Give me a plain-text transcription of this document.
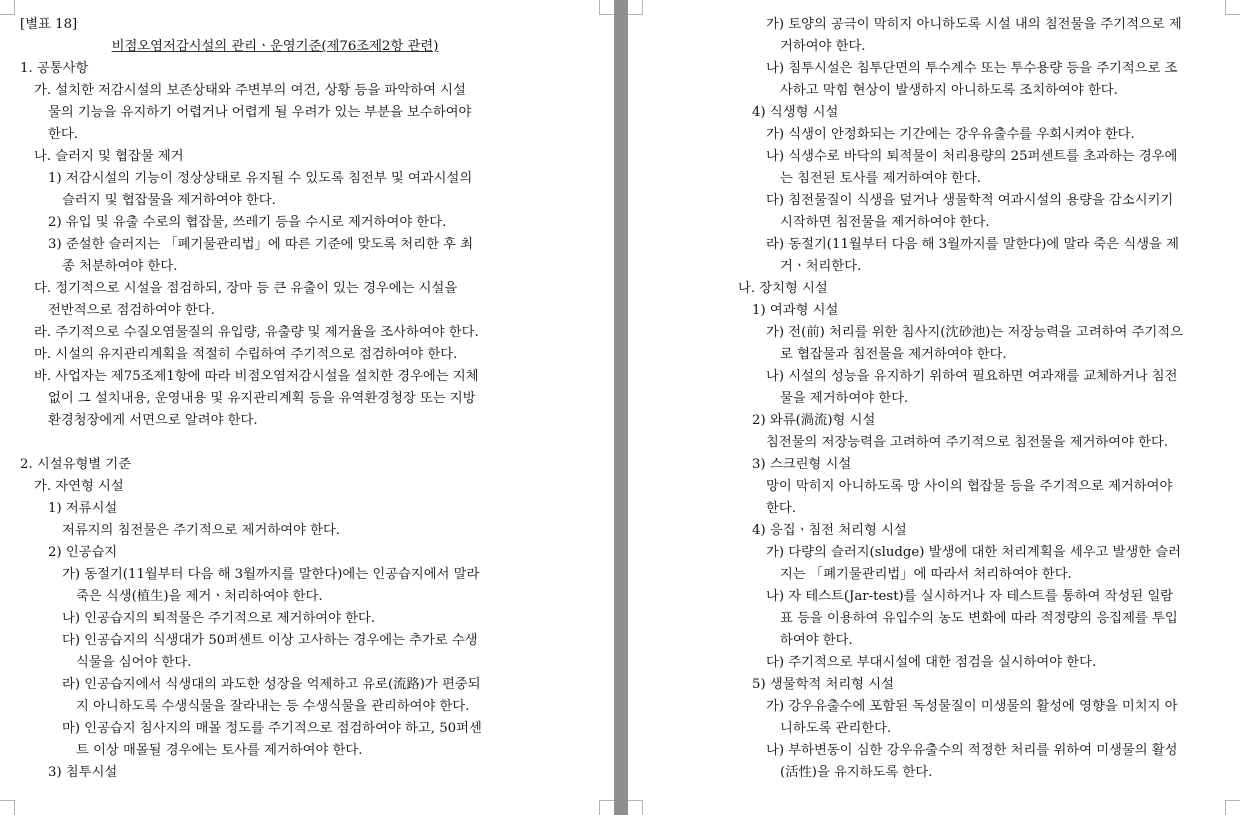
[별표 18]

비점오염저감시설의 관리ㆍ운영기준(제76조제2항 관련)

1. 공통사항

가. 설치한 저감시설의 보존상태와 주변부의 여건, 상황 등을 파악하여 시설

물의 기능을 유지하기 어렵거나 어렵게 될 우려가 있는 부분을 보수하여야

한다.

나. 슬러지 및 협잡물 제거

1) 저감시설의 기능이 정상상태로 유지될 수 있도록 침전부 및 여과시설의

슬러지 및 협잡물을 제거하여야 한다.

2) 유입 및 유출 수로의 협잡물, 쓰레기 등을 수시로 제거하여야 한다.

3) 준설한 슬러지는 「폐기물관리법」에 따른 기준에 맞도록 처리한 후 최

종 처분하여야 한다.

다. 정기적으로 시설을 점검하되, 장마 등 큰 유출이 있는 경우에는 시설을

전반적으로 점검하여야 한다.

라. 주기적으로 수질오염물질의 유입량, 유출량 및 제거율을 조사하여야 한다.

마. 시설의 유지관리계획을 적절히 수립하여 주기적으로 점검하여야 한다.

바. 사업자는 제75조제1항에 따라 비점오염저감시설을 설치한 경우에는 지체

없이 그 설치내용, 운영내용 및 유지관리계획 등을 유역환경청장 또는 지방

환경청장에게 서면으로 알려야 한다.

2. 시설유형별 기준

가. 자연형 시설

1) 저류시설

저류지의 침전물은 주기적으로 제거하여야 한다.

2) 인공습지

가) 동절기(11월부터 다음 해 3월까지를 말한다)에는 인공습지에서 말라

죽은 식생(植生)을 제거ㆍ처리하여야 한다.

나) 인공습지의 퇴적물은 주기적으로 제거하여야 한다.

다) 인공습지의 식생대가 50퍼센트 이상 고사하는 경우에는 추가로 수생

식물을 심어야 한다.

라) 인공습지에서 식생대의 과도한 성장을 억제하고 유로(流路)가 편중되

지 아니하도록 수생식물을 잘라내는 등 수생식물을 관리하여야 한다.

마) 인공습지 침사지의 매몰 정도를 주기적으로 점검하여야 하고, 50퍼센

트 이상 매몰될 경우에는 토사를 제거하여야 한다.

3) 침투시설

가) 토양의 공극이 막히지 아니하도록 시설 내의 침전물을 주기적으로 제

거하여야 한다.

나) 침투시설은 침투단면의 투수계수 또는 투수용량 등을 주기적으로 조

사하고 막힘 현상이 발생하지 아니하도록 조치하여야 한다.

4) 식생형 시설

가) 식생이 안정화되는 기간에는 강우유출수를 우회시켜야 한다.

나) 식생수로 바닥의 퇴적물이 처리용량의 25퍼센트를 초과하는 경우에

는 침전된 토사를 제거하여야 한다.

다) 침전물질이 식생을 덮거나 생물학적 여과시설의 용량을 감소시키기

시작하면 침전물을 제거하여야 한다.

라) 동절기(11월부터 다음 해 3월까지를 말한다)에 말라 죽은 식생을 제

거ㆍ처리한다.

나. 장치형 시설

1) 여과형 시설

가) 전(前) 처리를 위한 침사지(沈砂池)는 저장능력을 고려하여 주기적으

로 협잡물과 침전물을 제거하여야 한다.

나) 시설의 성능을 유지하기 위하여 필요하면 여과재를 교체하거나 침전

물을 제거하여야 한다.

2) 와류(渦流)형 시설

침전물의 저장능력을 고려하여 주기적으로 침전물을 제거하여야 한다.

3) 스크린형 시설

망이 막히지 아니하도록 망 사이의 협잡물 등을 주기적으로 제거하여야

한다.

4) 응집ㆍ침전 처리형 시설

가) 다량의 슬러지(sludge) 발생에 대한 처리계획을 세우고 발생한 슬러

지는 「폐기물관리법」에 따라서 처리하여야 한다.

나) 자 테스트(Jar-test)를 실시하거나 자 테스트를 통하여 작성된 일람

표 등을 이용하여 유입수의 농도 변화에 따라 적정량의 응집제를 투입

하여야 한다.

다) 주기적으로 부대시설에 대한 점검을 실시하여야 한다.

5) 생물학적 처리형 시설

가) 강우유출수에 포함된 독성물질이 미생물의 활성에 영향을 미치지 아

니하도록 관리한다.

나) 부하변동이 심한 강우유출수의 적정한 처리를 위하여 미생물의 활성

(活性)을 유지하도록 한다.
